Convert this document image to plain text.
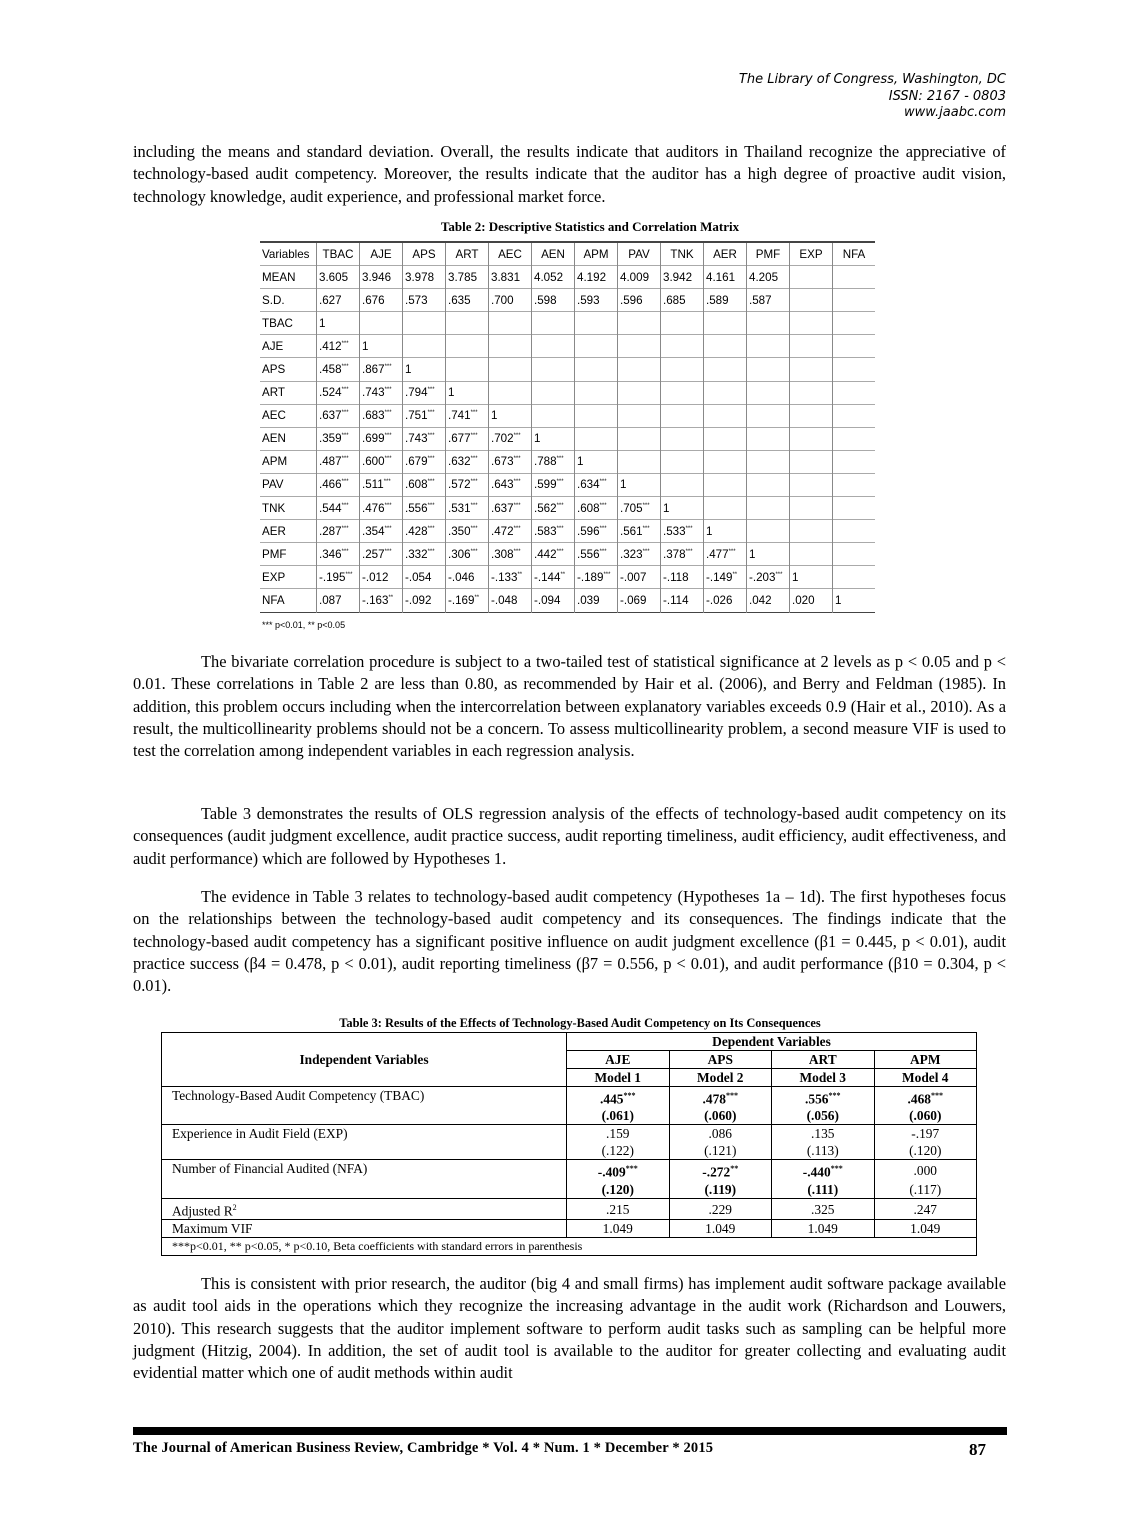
The Library of Congress, Washington, DC
ISSN: 2167 - 0803
www.jaabc.com
including the means and standard deviation. Overall, the results indicate that auditors in Thailand recognize the appreciative of technology-based audit competency. Moreover, the results indicate that the auditor has a high degree of proactive audit vision, technology knowledge, audit experience, and professional market force.
Table 2: Descriptive Statistics and Correlation Matrix
Variables	TBAC	AJE	APS	ART	AEC	AEN	APM	PAV	TNK	AER	PMF	EXP	NFA
MEAN	3.605	3.946	3.978	3.785	3.831	4.052	4.192	4.009	3.942	4.161	4.205		
S.D.	.627	.676	.573	.635	.700	.598	.593	.596	.685	.589	.587		
TBAC	1												
AJE	.412***	1											
APS	.458***	.867***	1										
ART	.524***	.743***	.794***	1									
AEC	.637***	.683***	.751***	.741***	1								
AEN	.359***	.699***	.743***	.677***	.702***	1							
APM	.487***	.600***	.679***	.632***	.673***	.788***	1						
PAV	.466***	.511***	.608***	.572***	.643***	.599***	.634***	1					
TNK	.544***	.476***	.556***	.531***	.637***	.562***	.608***	.705***	1				
AER	.287***	.354***	.428***	.350***	.472***	.583***	.596***	.561***	.533***	1			
PMF	.346***	.257***	.332***	.306***	.308***	.442***	.556***	.323***	.378***	.477***	1		
EXP	-.195***	-.012	-.054	-.046	-.133**	-.144**	-.189***	-.007	-.118	-.149**	-.203***	1	
NFA	.087	-.163**	-.092	-.169**	-.048	-.094	.039	-.069	-.114	-.026	.042	.020	1
*** p<0.01, ** p<0.05
The bivariate correlation procedure is subject to a two-tailed test of statistical significance at 2 levels as p < 0.05 and p < 0.01. These correlations in Table 2 are less than 0.80, as recommended by Hair et al. (2006), and Berry and Feldman (1985). In addition, this problem occurs including when the intercorrelation between explanatory variables exceeds 0.9 (Hair et al., 2010). As a result, the multicollinearity problems should not be a concern. To assess multicollinearity problem, a second measure VIF is used to test the correlation among independent variables in each regression analysis.
Table 3 demonstrates the results of OLS regression analysis of the effects of technology-based audit competency on its consequences (audit judgment excellence, audit practice success, audit reporting timeliness, audit efficiency, audit effectiveness, and audit performance) which are followed by Hypotheses 1.
The evidence in Table 3 relates to technology-based audit competency (Hypotheses 1a – 1d). The first hypotheses focus on the relationships between the technology-based audit competency and its consequences. The findings indicate that the technology-based audit competency has a significant positive influence on audit judgment excellence (β1 = 0.445, p < 0.01), audit practice success (β4 = 0.478, p < 0.01), audit reporting timeliness (β7 = 0.556, p < 0.01), and audit performance (β10 = 0.304, p < 0.01).
Table 3: Results of the Effects of Technology-Based Audit Competency on Its Consequences
Independent Variables	Dependent Variables			
	AJE	APS	ART	APM
	Model 1	Model 2	Model 3	Model 4
Technology-Based Audit Competency (TBAC)	.445***	.478***	.556***	.468***
	(.061)	(.060)	(.056)	(.060)
Experience in Audit Field (EXP)	.159	.086	.135	-.197
	(.122)	(.121)	(.113)	(.120)
Number of Financial Audited (NFA)	-.409***	-.272**	-.440***	.000
	(.120)	(.119)	(.111)	(.117)
Adjusted $R^2$	.215	.229	.325	.247
Maximum VIF	1.049	1.049	1.049	1.049
***p<0.01, ** p<0.05, * p<0.10, Beta coefficients with standard errors in parenthesis				
This is consistent with prior research, the auditor (big 4 and small firms) has implement audit software package available as audit tool aids in the operations which they recognize the increasing advantage in the audit work (Richardson and Louwers, 2010). This research suggests that the auditor implement software to perform audit tasks such as sampling can be helpful more judgment (Hitzig, 2004). In addition, the set of audit tool is available to the auditor for greater collecting and evaluating audit evidential matter which one of audit methods within audit
The Journal of American Business Review, Cambridge * Vol. 4 * Num. 1 * December * 2015	87
